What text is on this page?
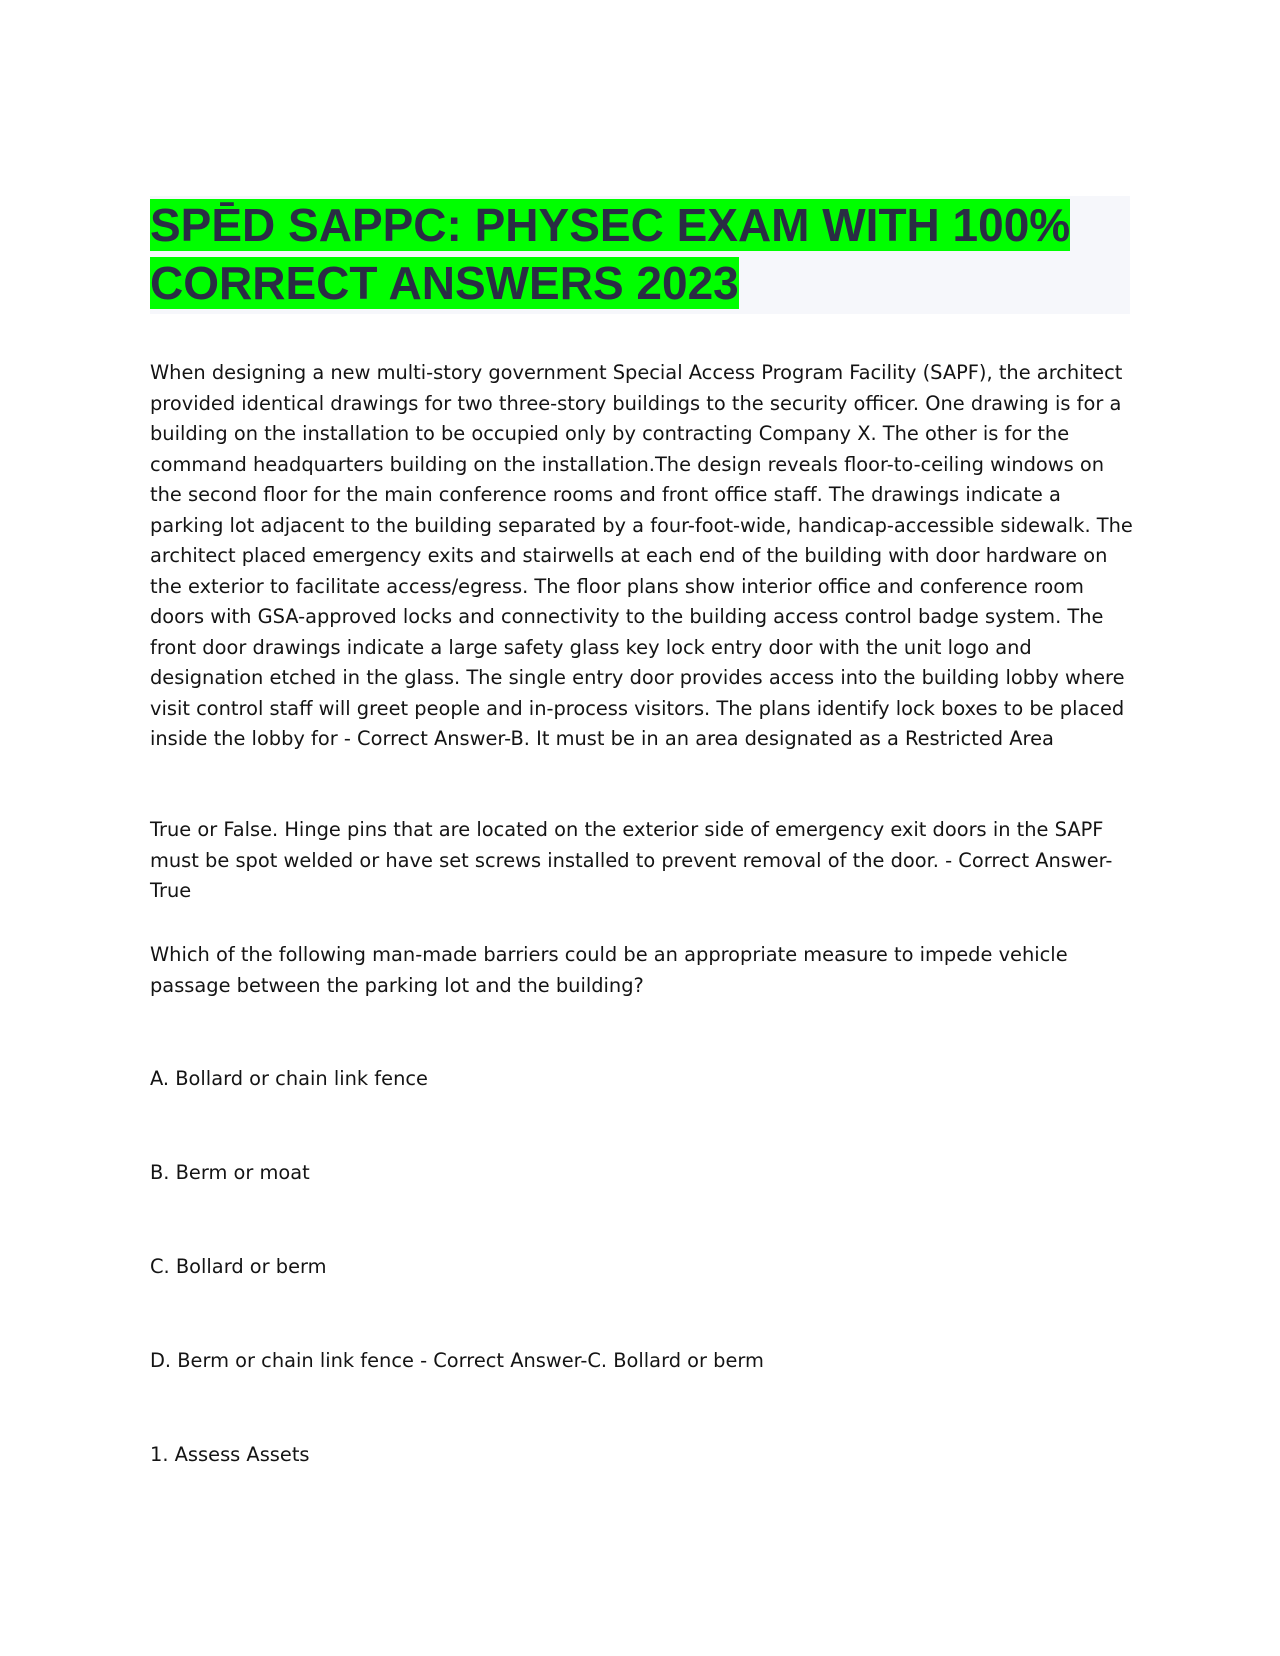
SPĒD SAPPC: PHYSEC EXAM WITH 100% CORRECT ANSWERS 2023

When designing a new multi-story government Special Access Program Facility (SAPF), the architect provided identical drawings for two three-story buildings to the security officer. One drawing is for a building on the installation to be occupied only by contracting Company X. The other is for the command headquarters building on the installation.The design reveals floor-to-ceiling windows on the second floor for the main conference rooms and front office staff. The drawings indicate a parking lot adjacent to the building separated by a four-foot-wide, handicap-accessible sidewalk. The architect placed emergency exits and stairwells at each end of the building with door hardware on the exterior to facilitate access/egress. The floor plans show interior office and conference room doors with GSA-approved locks and connectivity to the building access control badge system. The front door drawings indicate a large safety glass key lock entry door with the unit logo and designation etched in the glass. The single entry door provides access into the building lobby where visit control staff will greet people and in-process visitors. The plans identify lock boxes to be placed inside the lobby for - Correct Answer-B. It must be in an area designated as a Restricted Area

True or False. Hinge pins that are located on the exterior side of emergency exit doors in the SAPF must be spot welded or have set screws installed to prevent removal of the door. - Correct Answer-True

Which of the following man-made barriers could be an appropriate measure to impede vehicle passage between the parking lot and the building?

A. Bollard or chain link fence

B. Berm or moat

C. Bollard or berm

D. Berm or chain link fence - Correct Answer-C. Bollard or berm

1. Assess Assets
